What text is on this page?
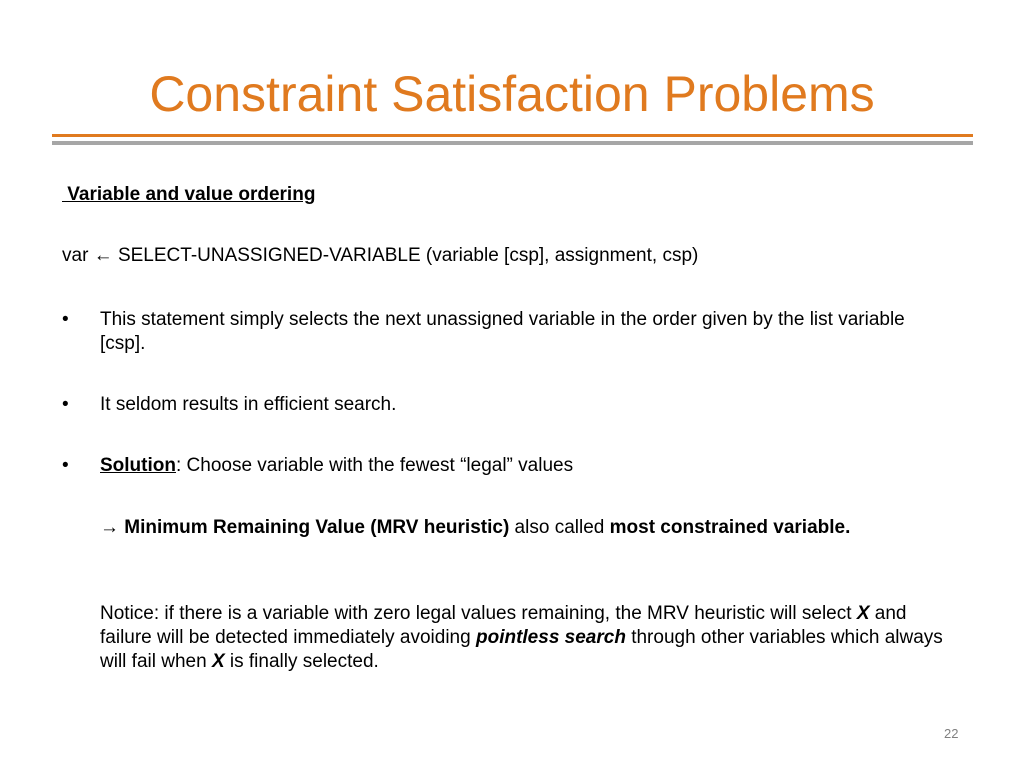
Constraint Satisfaction Problems
Variable and value ordering
var ← SELECT-UNASSIGNED-VARIABLE (variable [csp], assignment, csp)
• This statement simply selects the next unassigned variable in the order given by the list variable [csp].
• It seldom results in efficient search.
• Solution: Choose variable with the fewest “legal” values
→ Minimum Remaining Value (MRV heuristic) also called most constrained variable.
Notice: if there is a variable with zero legal values remaining, the MRV heuristic will select X and failure will be detected immediately avoiding pointless search through other variables which always will fail when X is finally selected.
22
